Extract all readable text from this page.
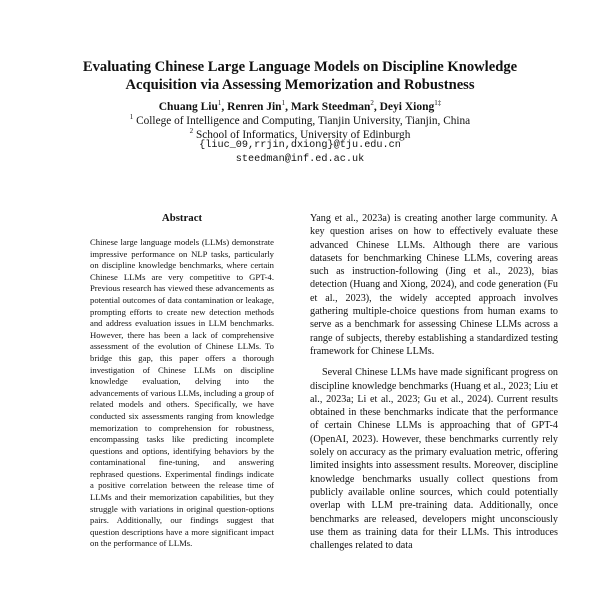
Evaluating Chinese Large Language Models on Discipline Knowledge
Acquisition via Assessing Memorization and Robustness
Chuang Liu$^1$, Renren Jin$^1$, Mark Steedman$^2$, Deyi Xiong$^{1\ddagger}$
$^1$ College of Intelligence and Computing, Tianjin University, Tianjin, China
$^2$ School of Informatics, University of Edinburgh
{liuc_09,rrjin,dxiong}@tju.edu.cn
steedman@inf.ed.ac.uk
Abstract
Chinese large language models (LLMs) demonstrate impressive performance on NLP tasks, particularly on discipline knowledge benchmarks, where certain Chinese LLMs are very competitive to GPT-4. Previous research has viewed these advancements as potential outcomes of data contamination or leakage, prompting efforts to create new detection methods and address evaluation issues in LLM benchmarks. However, there has been a lack of comprehensive assessment of the evolution of Chinese LLMs. To bridge this gap, this paper offers a thorough investigation of Chinese LLMs on discipline knowledge evaluation, delving into the advancements of various LLMs, including a group of related models and others. Specifically, we have conducted six assessments ranging from knowledge memorization to comprehension for robustness, encompassing tasks like predicting incomplete questions and options, identifying behaviors by the contaminational fine-tuning, and answering rephrased questions. Experimental findings indicate a positive correlation between the release time of LLMs and their memorization capabilities, but they struggle with variations in original question-options pairs. Additionally, our findings suggest that question descriptions have a more significant impact on the performance of LLMs.

Yang et al., 2023a) is creating another large community. A key question arises on how to effectively evaluate these advanced Chinese LLMs. Although there are various datasets for benchmarking Chinese LLMs, covering areas such as instruction-following (Jing et al., 2023), bias detection (Huang and Xiong, 2024), and code generation (Fu et al., 2023), the widely accepted approach involves gathering multiple-choice questions from human exams to serve as a benchmark for assessing Chinese LLMs across a range of subjects, thereby establishing a standardized testing framework for Chinese LLMs.

Several Chinese LLMs have made significant progress on discipline knowledge benchmarks (Huang et al., 2023; Liu et al., 2023a; Li et al., 2023; Gu et al., 2024). Current results obtained in these benchmarks indicate that the performance of certain Chinese LLMs is approaching that of GPT-4 (OpenAI, 2023). However, these benchmarks currently rely solely on accuracy as the primary evaluation metric, offering limited insights into assessment results. Moreover, discipline knowledge benchmarks usually collect questions from publicly available online sources, which could potentially overlap with LLM pre-training data. Additionally, once benchmarks are released, developers might unconsciously use them as training data for their LLMs. This introduces challenges related to data
